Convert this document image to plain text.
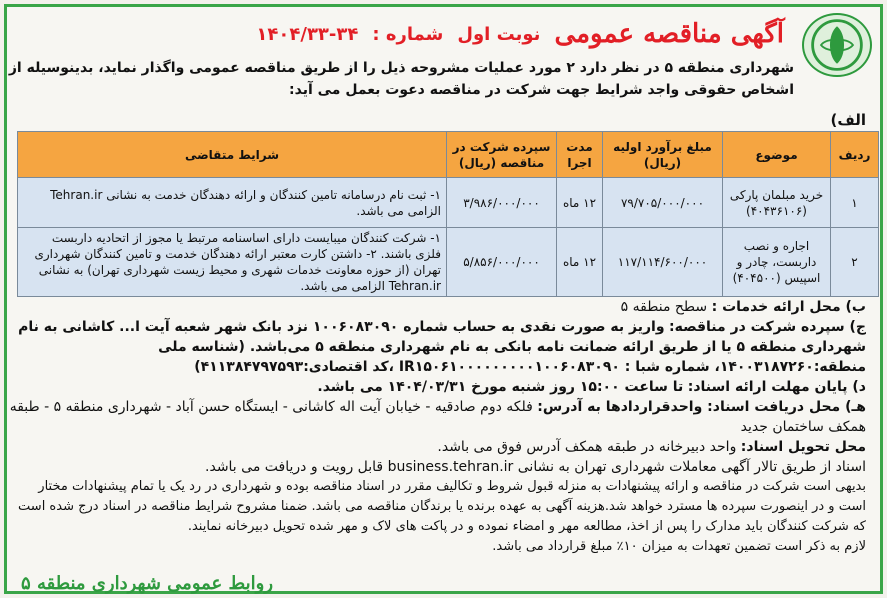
الف)
آگهی مناقصه عمومی
نوبت اول
شماره :
۱۴۰۴/۳۳-۳۴
شهرداری منطقه ۵ در نظر دارد ۲ مورد عملیات مشروحه ذیل را از طریق مناقصه عمومی واگذار نماید، بدینوسیله از اشخاص حقوقی واجد شرایط جهت شرکت در مناقصه دعوت بعمل می آید:
ردیف	موضوع	مبلغ برآورد اولیه (ریال)	مدت اجرا	سپرده شرکت در مناقصه (ریال)	شرایط متقاضی
۱	خرید مبلمان پارکی (۴۰۴۳۶۱۰۶)	۷۹/۷۰۵/۰۰۰/۰۰۰	۱۲ ماه	۳/۹۸۶/۰۰۰/۰۰۰	۱- ثبت نام درسامانه تامین کنندگان و ارائه دهندگان خدمت به نشانی Tehran.ir الزامی می باشد.
۲	اجاره و نصب داربست، چادر و اسپیس (۴۰۴۵۰۰)	۱۱۷/۱۱۴/۶۰۰/۰۰۰	۱۲ ماه	۵/۸۵۶/۰۰۰/۰۰۰	۱- شرکت کنندگان میبایست دارای اساسنامه مرتبط یا مجوز از اتحادیه داربست فلزی باشند. ۲- داشتن کارت معتبر ارائه دهندگان خدمت و تامین کنندگان شهرداری تهران (از حوزه معاونت خدمات شهری و محیط زیست شهرداری تهران) به نشانی Tehran.ir الزامی می باشد.

ب) محل ارائه خدمات : سطح منطقه ۵

ج) سپرده شرکت در مناقصه: واریز به صورت نقدی به حساب شماره ۱۰۰۶۰۸۳۰۹۰ نزد بانک شهر شعبه آیت ا... کاشانی به نام شهرداری منطقه ۵ یا از طریق ارائه ضمانت نامه بانکی به نام شهرداری منطقه ۵ می‌باشد. (شناسه ملی منطقه:۱۴۰۰۳۱۸۷۲۶۰، شماره شبا : IR۱۵۰۶۱۰۰۰۰۰۰۰۰۰۱۰۰۶۰۸۳۰۹۰ ،کد اقتصادی:۴۱۱۳۸۴۷۹۷۵۹۳)

د) پایان مهلت ارائه اسناد: تا ساعت ۱۵:۰۰ روز شنبه مورخ ۱۴۰۴/۰۳/۳۱ می باشد.

هـ) محل دریافت اسناد: واحدقراردادها به آدرس: فلکه دوم صادقیه - خیابان آیت اله کاشانی - ایستگاه حسن آباد - شهرداری منطقه ۵ - طبقه همکف ساختمان جدید

محل تحویل اسناد: واحد دبیرخانه در طبقه همکف آدرس فوق می باشد.

اسناد از طریق تالار آگهی معاملات شهرداری تهران به نشانی business.tehran.ir قابل رویت و دریافت می باشد.

بدیهی است شرکت در مناقصه و ارائه پیشنهادات به منزله قبول شروط و تکالیف مقرر در اسناد مناقصه بوده و شهرداری در رد یک یا تمام پیشنهادات مختار است و در اینصورت سپرده ها مسترد خواهد شد.هزینه آگهی به عهده برنده یا برندگان مناقصه می باشد. ضمنا مشروح شرایط مناقصه در اسناد درج شده است که شرکت کنندگان باید مدارک را پس از اخذ، مطالعه مهر و امضاء نموده و در پاکت های لاک و مهر شده تحویل دبیرخانه نمایند.

لازم به ذکر است تضمین تعهدات به میزان ۱۰٪ مبلغ قرارداد می باشد.

روابط عمومی شهرداری منطقه ۵
